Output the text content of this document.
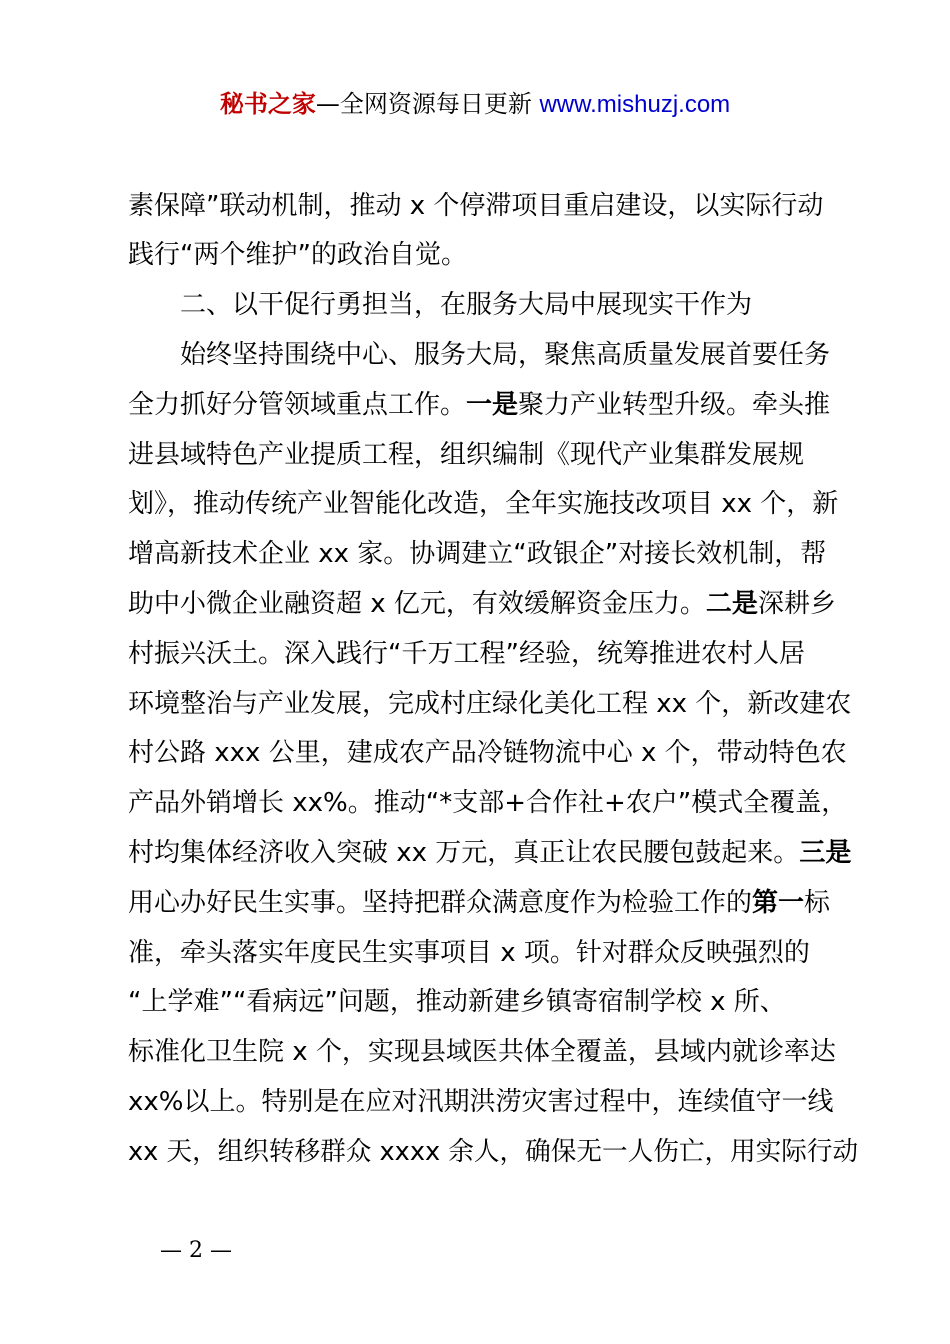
秘书之家—全网资源每日更新 www.mishuzj.com
素保障”联动机制，推动 x 个停滞项目重启建设，以实际行动
践行“两个维护”的政治自觉。
二、以干促行勇担当，在服务大局中展现实干作为
始终坚持围绕中心、服务大局，聚焦高质量发展首要任务
全力抓好分管领域重点工作。一是聚力产业转型升级。牵头推
进县域特色产业提质工程，组织编制《现代产业集群发展规
划》，推动传统产业智能化改造，全年实施技改项目 xx 个，新
增高新技术企业 xx 家。协调建立“政银企”对接长效机制，帮
助中小微企业融资超 x 亿元，有效缓解资金压力。二是深耕乡
村振兴沃土。深入践行“千万工程”经验，统筹推进农村人居
环境整治与产业发展，完成村庄绿化美化工程 xx 个，新改建农
村公路 xxx 公里，建成农产品冷链物流中心 x 个，带动特色农
产品外销增长 xx%。推动“*支部+合作社+农户”模式全覆盖，
村均集体经济收入突破 xx 万元，真正让农民腰包鼓起来。三是
用心办好民生实事。坚持把群众满意度作为检验工作的第一标
准，牵头落实年度民生实事项目 x 项。针对群众反映强烈的
“上学难”“看病远”问题，推动新建乡镇寄宿制学校 x 所、
标准化卫生院 x 个，实现县域医共体全覆盖，县域内就诊率达
xx%以上。特别是在应对汛期洪涝灾害过程中，连续值守一线
xx 天，组织转移群众 xxxx 余人，确保无一人伤亡，用实际行动
— 2 —
